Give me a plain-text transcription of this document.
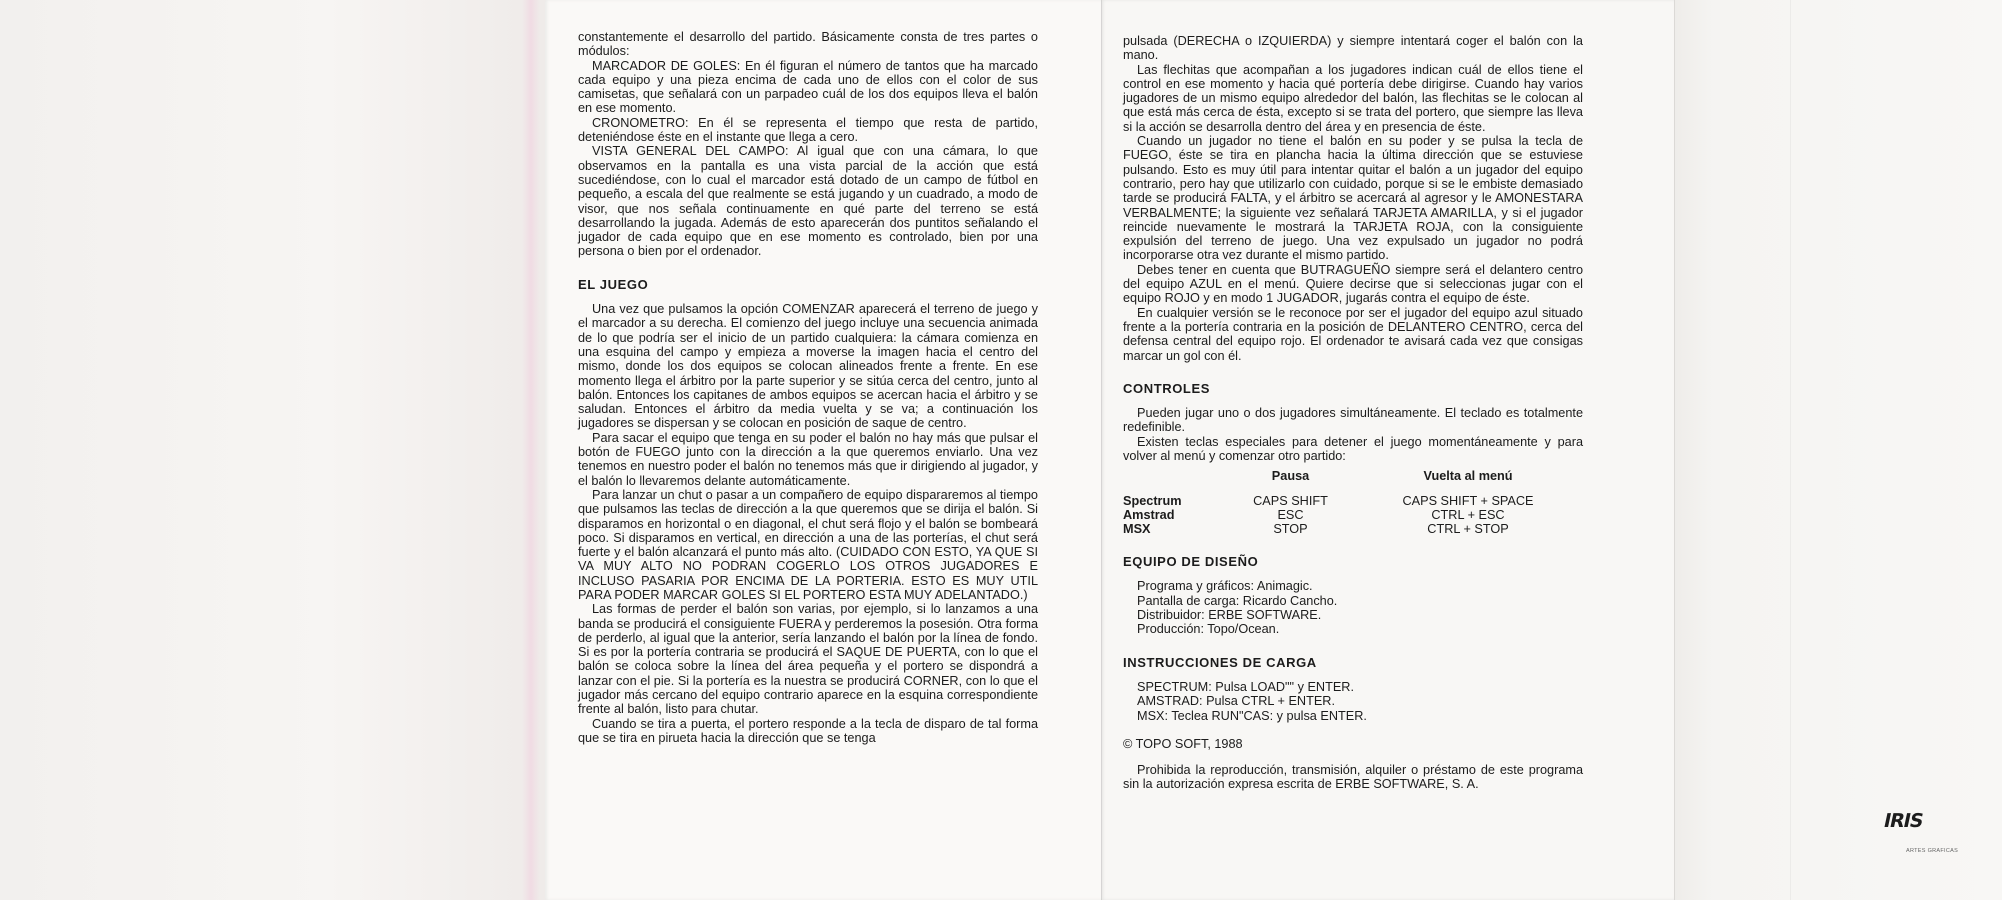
constantemente el desarrollo del partido. Básicamente consta de tres partes o módulos:

MARCADOR DE GOLES: En él figuran el número de tantos que ha marcado cada equipo y una pieza encima de cada uno de ellos con el color de sus camisetas, que señalará con un parpadeo cuál de los dos equipos lleva el balón en ese momento.

CRONOMETRO: En él se representa el tiempo que resta de partido, deteniéndose éste en el instante que llega a cero.

VISTA GENERAL DEL CAMPO: Al igual que con una cámara, lo que observamos en la pantalla es una vista parcial de la acción que está sucediéndose, con lo cual el marcador está dotado de un campo de fútbol en pequeño, a escala del que realmente se está jugando y un cuadrado, a modo de visor, que nos señala continuamente en qué parte del terreno se está desarrollando la jugada. Además de esto aparecerán dos puntitos señalando el jugador de cada equipo que en ese momento es controlado, bien por una persona o bien por el ordenador.

EL JUEGO

Una vez que pulsamos la opción COMENZAR aparecerá el terreno de juego y el marcador a su derecha. El comienzo del juego incluye una secuencia animada de lo que podría ser el inicio de un partido cualquiera: la cámara comienza en una esquina del campo y empieza a moverse la imagen hacia el centro del mismo, donde los dos equipos se colocan alineados frente a frente. En ese momento llega el árbitro por la parte superior y se sitúa cerca del centro, junto al balón. Entonces los capitanes de ambos equipos se acercan hacia el árbitro y se saludan. Entonces el árbitro da media vuelta y se va; a continuación los jugadores se dispersan y se colocan en posición de saque de centro.

Para sacar el equipo que tenga en su poder el balón no hay más que pulsar el botón de FUEGO junto con la dirección a la que queremos enviarlo. Una vez tenemos en nuestro poder el balón no tenemos más que ir dirigiendo al jugador, y el balón lo llevaremos delante automáticamente.

Para lanzar un chut o pasar a un compañero de equipo dispararemos al tiempo que pulsamos las teclas de dirección a la que queremos que se dirija el balón. Si disparamos en horizontal o en diagonal, el chut será flojo y el balón se bombeará poco. Si disparamos en vertical, en dirección a una de las porterías, el chut será fuerte y el balón alcanzará el punto más alto. (CUIDADO CON ESTO, YA QUE SI VA MUY ALTO NO PODRAN COGERLO LOS OTROS JUGADORES E INCLUSO PASARIA POR ENCIMA DE LA PORTERIA. ESTO ES MUY UTIL PARA PODER MARCAR GOLES SI EL PORTERO ESTA MUY ADELANTADO.)

Las formas de perder el balón son varias, por ejemplo, si lo lanzamos a una banda se producirá el consiguiente FUERA y perderemos la posesión. Otra forma de perderlo, al igual que la anterior, sería lanzando el balón por la línea de fondo. Si es por la portería contraria se producirá el SAQUE DE PUERTA, con lo que el balón se coloca sobre la línea del área pequeña y el portero se dispondrá a lanzar con el pie. Si la portería es la nuestra se producirá CORNER, con lo que el jugador más cercano del equipo contrario aparece en la esquina correspondiente frente al balón, listo para chutar.

Cuando se tira a puerta, el portero responde a la tecla de disparo de tal forma que se tira en pirueta hacia la dirección que se tenga

pulsada (DERECHA o IZQUIERDA) y siempre intentará coger el balón con la mano.

Las flechitas que acompañan a los jugadores indican cuál de ellos tiene el control en ese momento y hacia qué portería debe dirigirse. Cuando hay varios jugadores de un mismo equipo alrededor del balón, las flechitas se le colocan al que está más cerca de ésta, excepto si se trata del portero, que siempre las lleva si la acción se desarrolla dentro del área y en presencia de éste.

Cuando un jugador no tiene el balón en su poder y se pulsa la tecla de FUEGO, éste se tira en plancha hacia la última dirección que se estuviese pulsando. Esto es muy útil para intentar quitar el balón a un jugador del equipo contrario, pero hay que utilizarlo con cuidado, porque si se le embiste demasiado tarde se producirá FALTA, y el árbitro se acercará al agresor y le AMONESTARA VERBALMENTE; la siguiente vez señalará TARJETA AMARILLA, y si el jugador reincide nuevamente le mostrará la TARJETA ROJA, con la consiguiente expulsión del terreno de juego. Una vez expulsado un jugador no podrá incorporarse otra vez durante el mismo partido.

Debes tener en cuenta que BUTRAGUEÑO siempre será el delantero centro del equipo AZUL en el menú. Quiere decirse que si seleccionas jugar con el equipo ROJO y en modo 1 JUGADOR, jugarás contra el equipo de éste.

En cualquier versión se le reconoce por ser el jugador del equipo azul situado frente a la portería contraria en la posición de DELANTERO CENTRO, cerca del defensa central del equipo rojo. El ordenador te avisará cada vez que consigas marcar un gol con él.

CONTROLES

Pueden jugar uno o dos jugadores simultáneamente. El teclado es totalmente redefinible.

Existen teclas especiales para detener el juego momentáneamente y para volver al menú y comenzar otro partido:

	Pausa	Vuelta al menú	
Spectrum	CAPS SHIFT	CAPS SHIFT + SPACE	
Amstrad	ESC	CTRL + ESC	
MSX	STOP	CTRL + STOP	
EQUIPO DE DISEÑO
Programa y gráficos: Animagic.
Pantalla de carga: Ricardo Cancho.
Distribuidor: ERBE SOFTWARE.
Producción: Topo/Ocean.
INSTRUCCIONES DE CARGA
SPECTRUM: Pulsa LOAD"" y ENTER.
AMSTRAD: Pulsa CTRL + ENTER.
MSX: Teclea RUN"CAS: y pulsa ENTER.
© TOPO SOFT, 1988

Prohibida la reproducción, transmisión, alquiler o préstamo de este programa sin la autorización expresa escrita de ERBE SOFTWARE, S. A.

IRIS
ARTES GRAFICAS
